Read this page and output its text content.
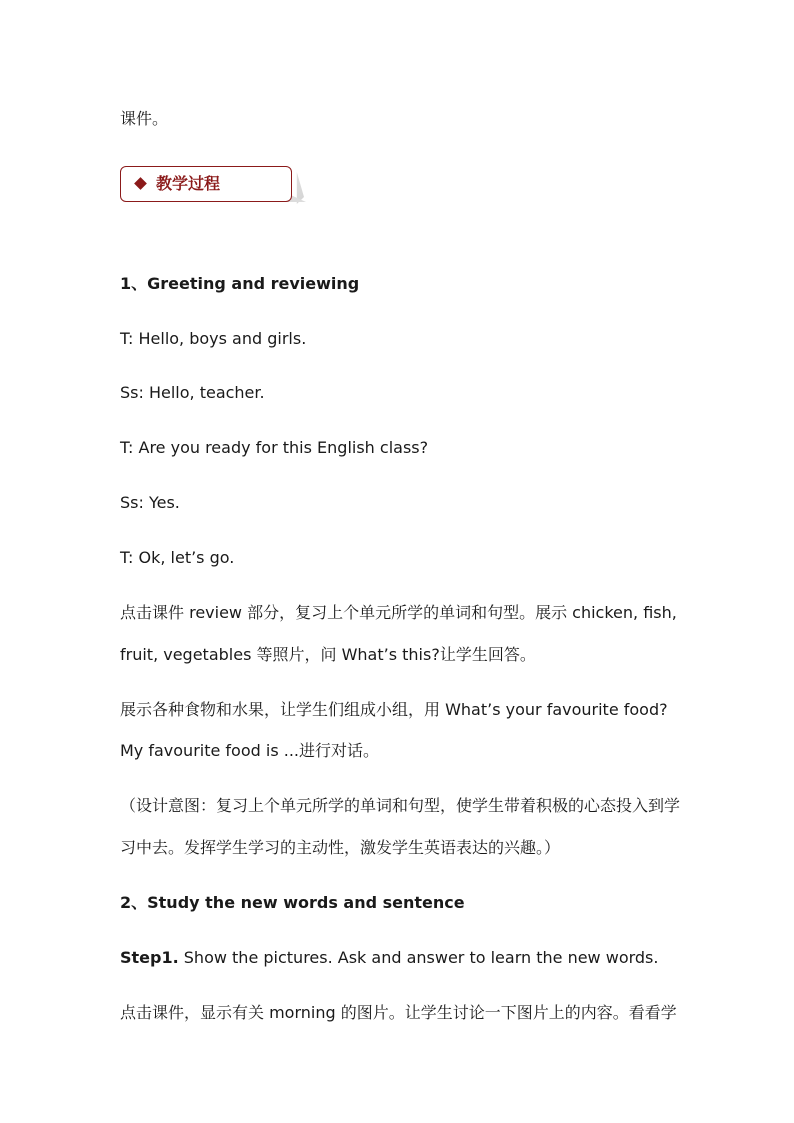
课件。
教学过程
1、Greeting and reviewing
T: Hello, boys and girls.
Ss: Hello, teacher.
T: Are you ready for this English class?
Ss: Yes.
T: Ok, let’s go.
点击课件 review 部分，复习上个单元所学的单词和句型。展示 chicken, fish,
fruit, vegetables 等照片，问 What’s this?让学生回答。
展示各种食物和水果，让学生们组成小组，用 What’s your favourite food?
My favourite food is ...进行对话。
（设计意图：复习上个单元所学的单词和句型，使学生带着积极的心态投入到学
习中去。发挥学生学习的主动性，激发学生英语表达的兴趣。）
2、Study the new words and sentence
Step1. Show the pictures. Ask and answer to learn the new words.
点击课件，显示有关 morning 的图片。让学生讨论一下图片上的内容。看看学
